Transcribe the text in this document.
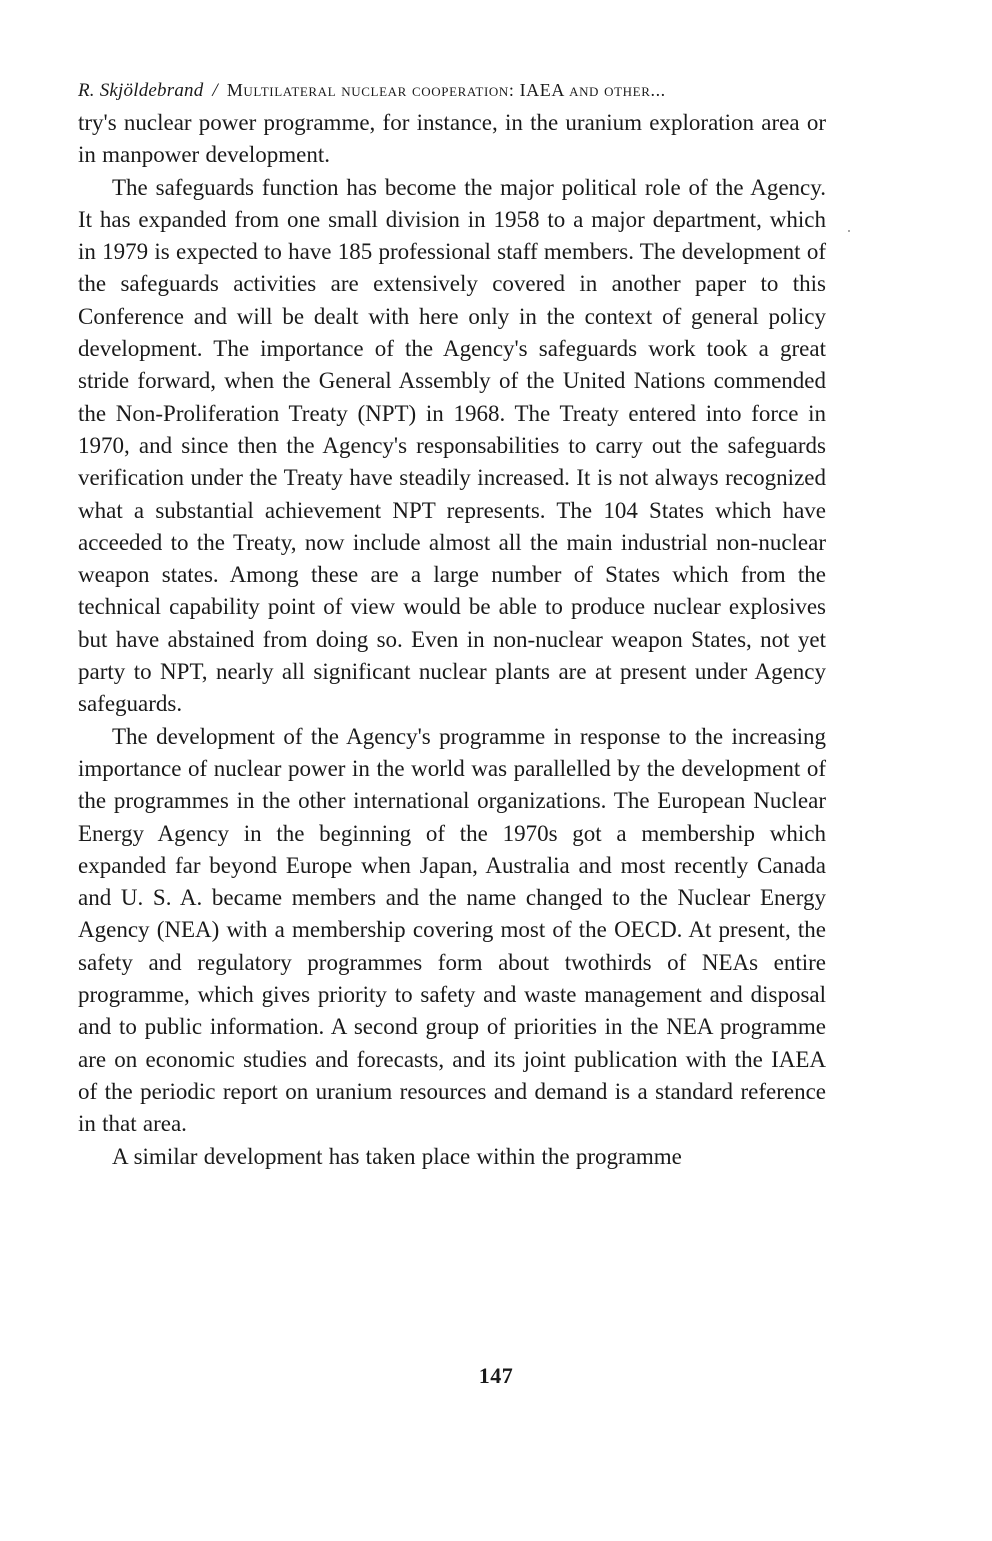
R. Skjöldebrand / Multilateral nuclear cooperation: IAEA and other...

try's nuclear power programme, for instance, in the uranium exploration area or in manpower development.

The safeguards function has become the major political role of the Agency. It has expanded from one small division in 1958 to a major department, which in 1979 is expected to have 185 professional staff members. The development of the safeguards activities are extensively covered in another paper to this Conference and will be dealt with here only in the context of general policy development. The importance of the Agency's safeguards work took a great stride forward, when the General Assembly of the United Nations commended the Non-Proliferation Treaty (NPT) in 1968. The Treaty entered into force in 1970, and since then the Agency's responsabilities to carry out the safeguards verification under the Treaty have steadily increased. It is not always recognized what a substantial achievement NPT represents. The 104 States which have acceeded to the Treaty, now include almost all the main industrial non-nuclear weapon states. Among these are a large number of States which from the technical capability point of view would be able to produce nuclear explosives but have abstained from doing so. Even in non-nuclear weapon States, not yet party to NPT, nearly all significant nuclear plants are at present under Agency safeguards.

The development of the Agency's programme in response to the increasing importance of nuclear power in the world was parallelled by the development of the programmes in the other international organizations. The European Nuclear Energy Agency in the beginning of the 1970s got a membership which expanded far beyond Europe when Japan, Australia and most recently Canada and U. S. A. became members and the name changed to the Nuclear Energy Agency (NEA) with a membership covering most of the OECD. At present, the safety and regulatory programmes form about twothirds of NEAs entire programme, which gives priority to safety and waste management and disposal and to public information. A second group of priorities in the NEA programme are on economic studies and forecasts, and its joint publication with the IAEA of the periodic report on uranium resources and demand is a standard reference in that area.

A similar development has taken place within the programme

147
